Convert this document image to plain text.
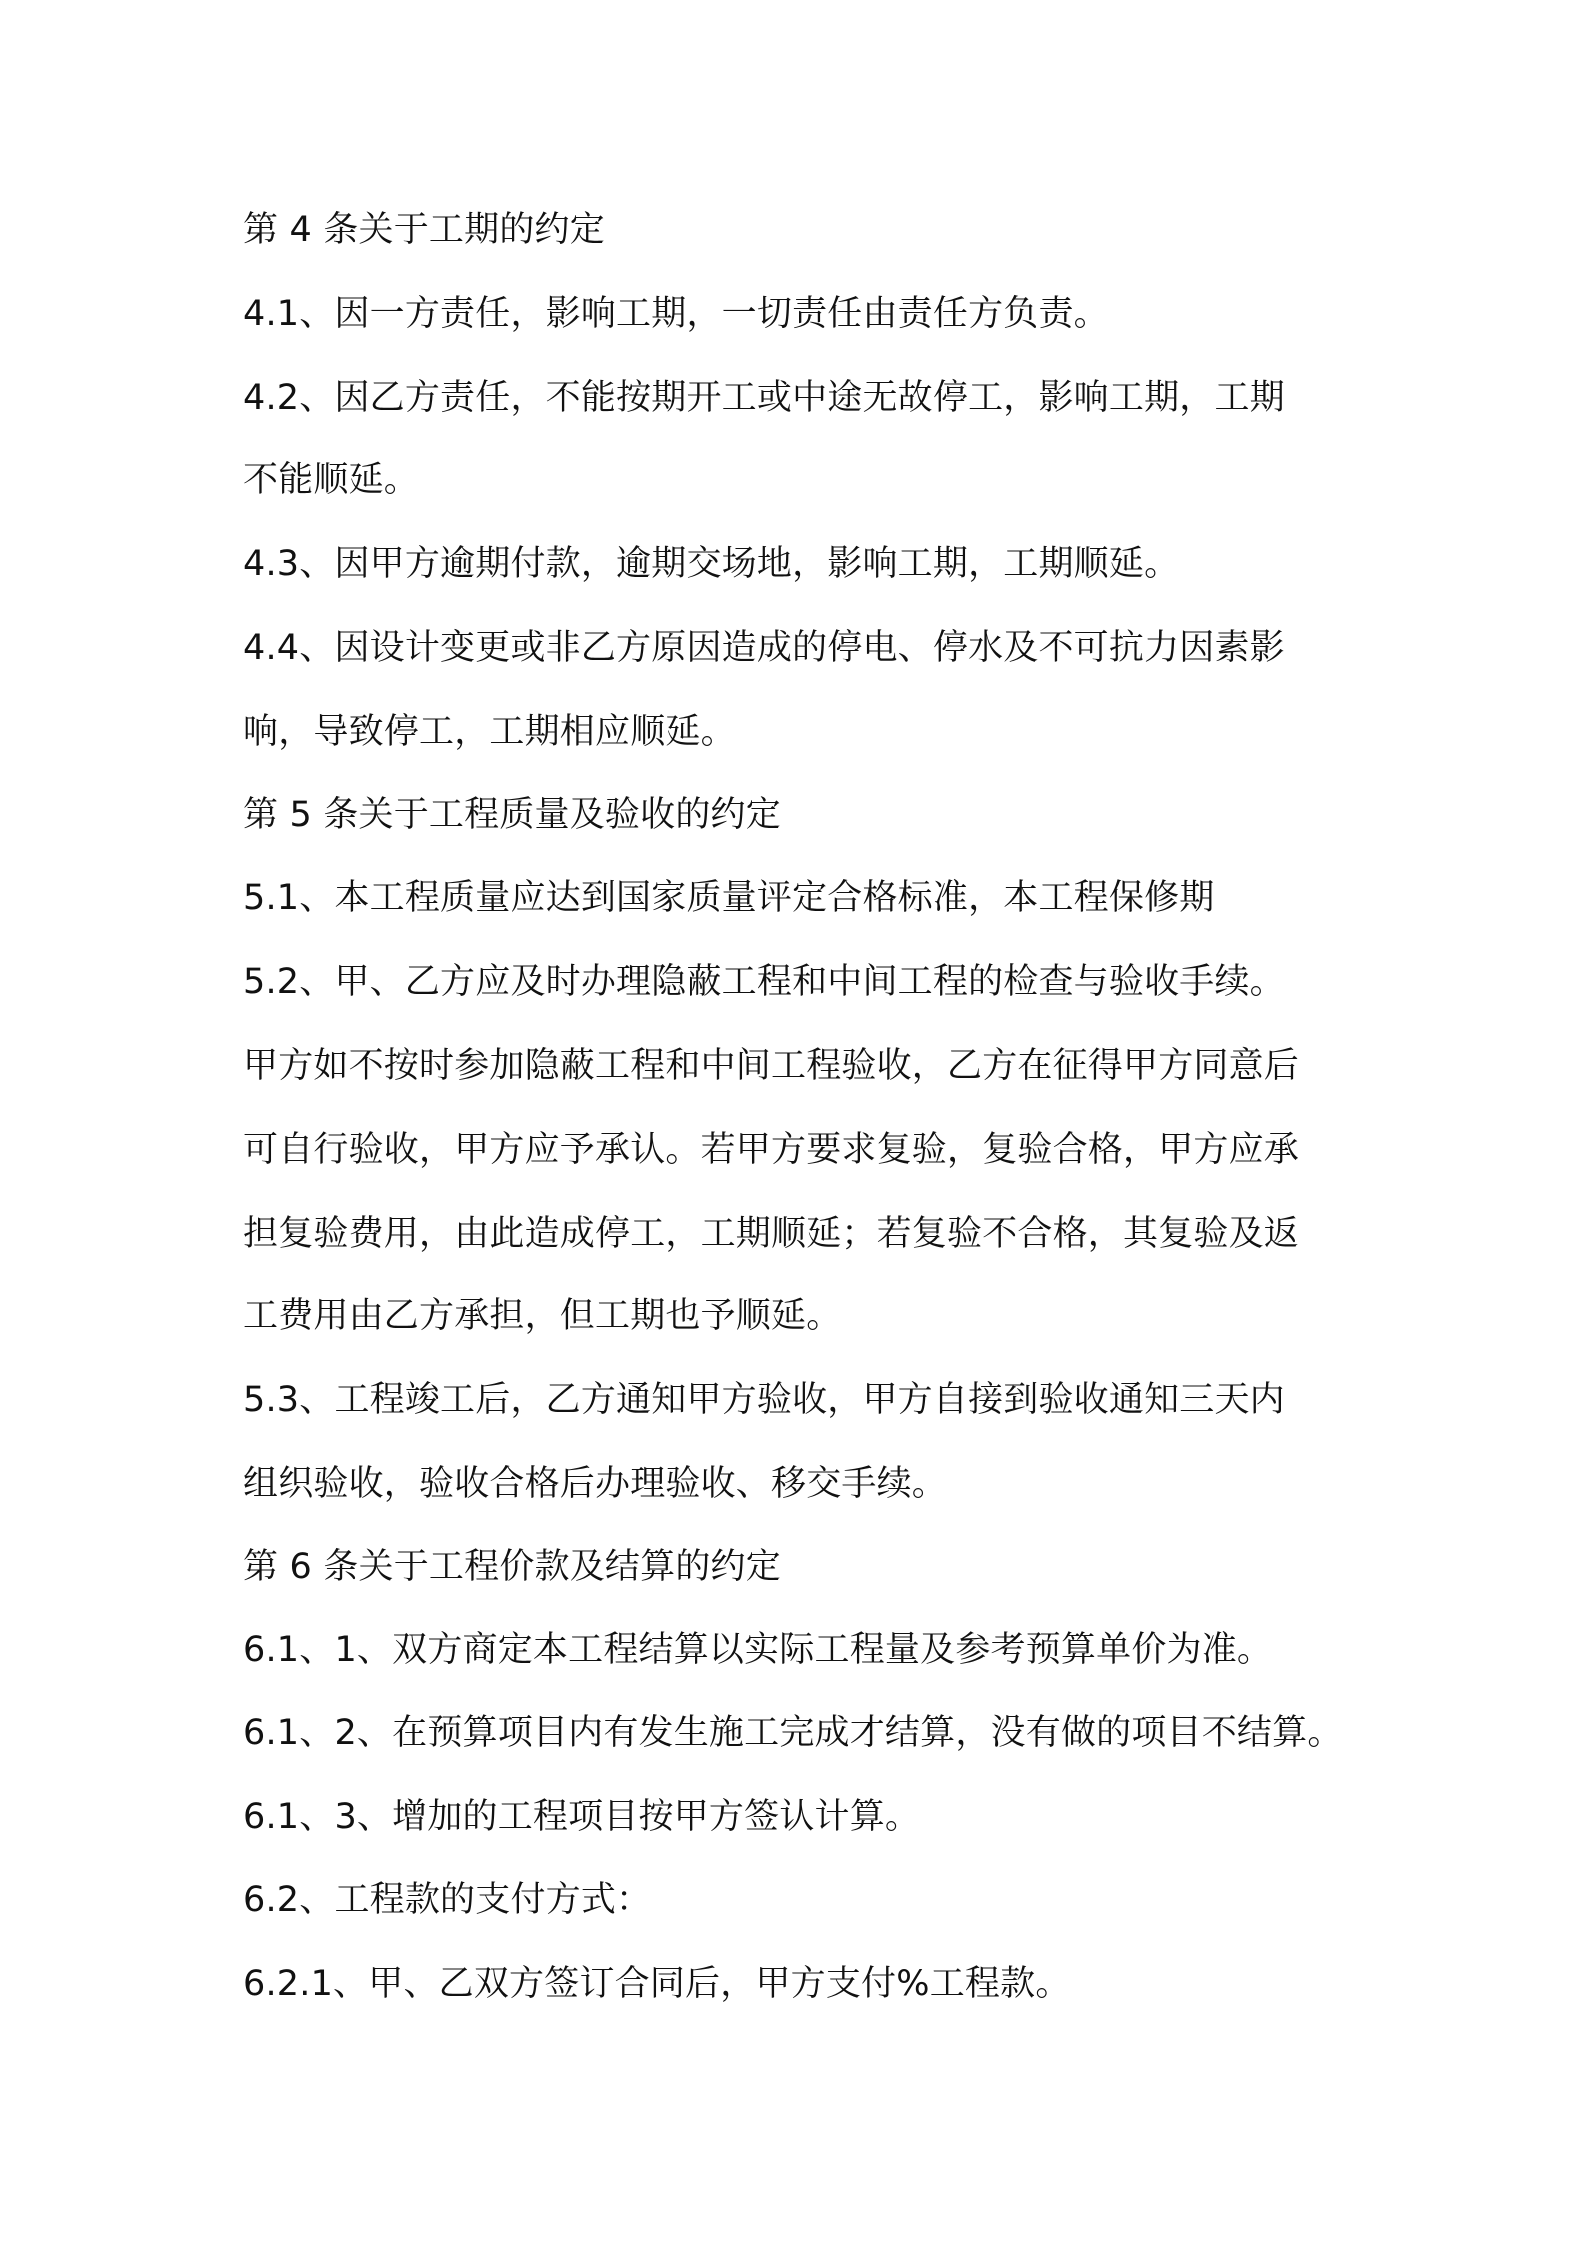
第 4 条关于工期的约定
4.1、因一方责任，影响工期，一切责任由责任方负责。
4.2、因乙方责任，不能按期开工或中途无故停工，影响工期，工期
不能顺延。
4.3、因甲方逾期付款，逾期交场地，影响工期，工期顺延。
4.4、因设计变更或非乙方原因造成的停电、停水及不可抗力因素影
响，导致停工，工期相应顺延。
第 5 条关于工程质量及验收的约定
5.1、本工程质量应达到国家质量评定合格标准，本工程保修期
5.2、甲、乙方应及时办理隐蔽工程和中间工程的检查与验收手续。
甲方如不按时参加隐蔽工程和中间工程验收，乙方在征得甲方同意后
可自行验收，甲方应予承认。若甲方要求复验，复验合格，甲方应承
担复验费用，由此造成停工，工期顺延；若复验不合格，其复验及返
工费用由乙方承担，但工期也予顺延。
5.3、工程竣工后，乙方通知甲方验收，甲方自接到验收通知三天内
组织验收，验收合格后办理验收、移交手续。
第 6 条关于工程价款及结算的约定
6.1、1、双方商定本工程结算以实际工程量及参考预算单价为准。
6.1、2、在预算项目内有发生施工完成才结算，没有做的项目不结算。
6.1、3、增加的工程项目按甲方签认计算。
6.2、工程款的支付方式：
6.2.1、甲、乙双方签订合同后，甲方支付%工程款。
